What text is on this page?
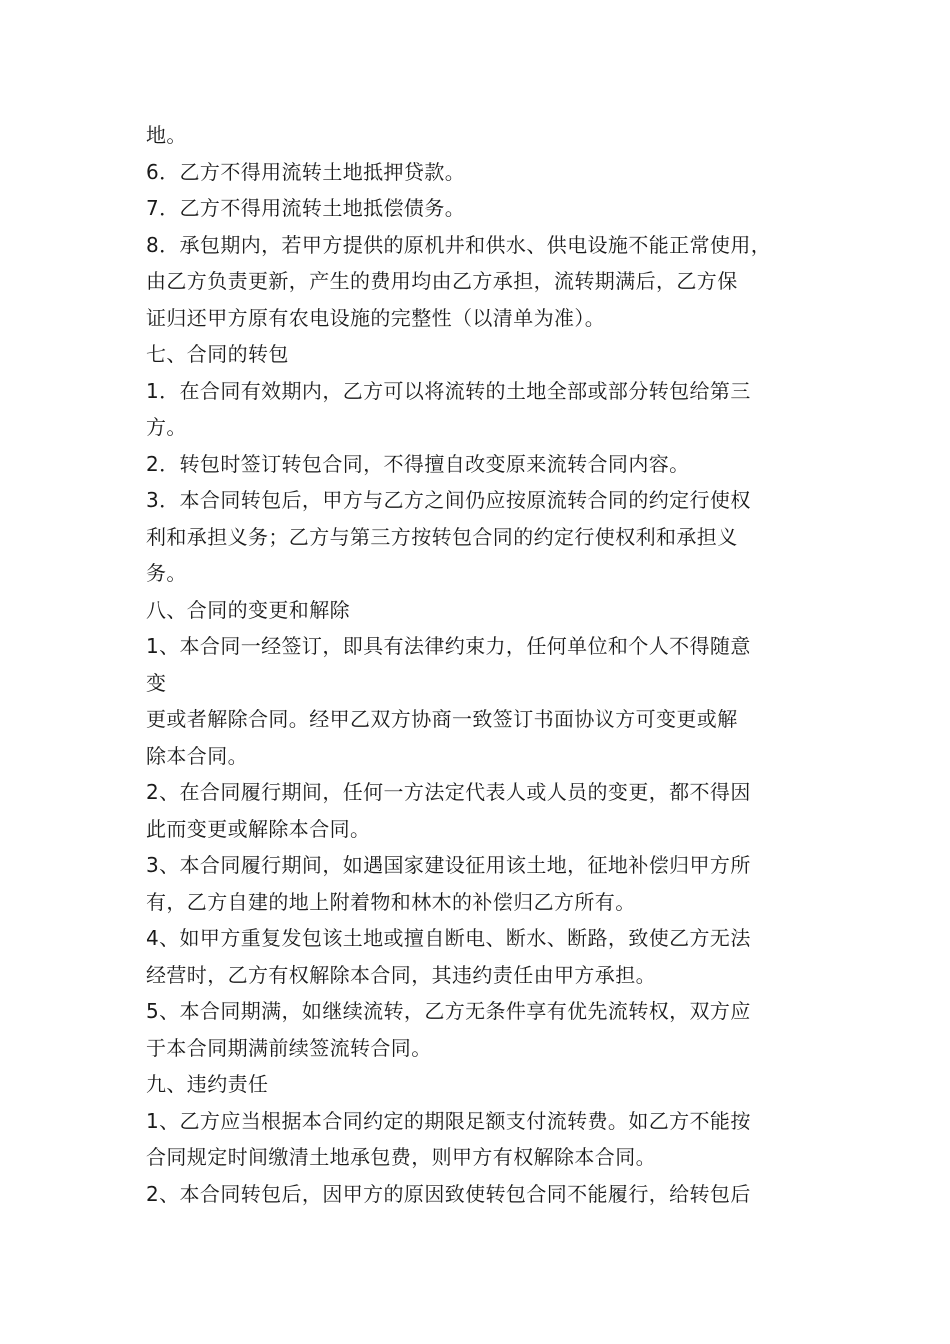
地。
6．乙方不得用流转土地抵押贷款。
7．乙方不得用流转土地抵偿债务。
8．承包期内，若甲方提供的原机井和供水、供电设施不能正常使用，
由乙方负责更新，产生的费用均由乙方承担，流转期满后，乙方保
证归还甲方原有农电设施的完整性（以清单为准）。
七、合同的转包
1．在合同有效期内，乙方可以将流转的土地全部或部分转包给第三
方。
2．转包时签订转包合同，不得擅自改变原来流转合同内容。
3．本合同转包后，甲方与乙方之间仍应按原流转合同的约定行使权
利和承担义务；乙方与第三方按转包合同的约定行使权利和承担义
务。
八、合同的变更和解除
1、本合同一经签订，即具有法律约束力，任何单位和个人不得随意
变
更或者解除合同。经甲乙双方协商一致签订书面协议方可变更或解
除本合同。
2、在合同履行期间，任何一方法定代表人或人员的变更，都不得因
此而变更或解除本合同。
3、本合同履行期间，如遇国家建设征用该土地，征地补偿归甲方所
有，乙方自建的地上附着物和林木的补偿归乙方所有。
4、如甲方重复发包该土地或擅自断电、断水、断路，致使乙方无法
经营时，乙方有权解除本合同，其违约责任由甲方承担。
5、本合同期满，如继续流转，乙方无条件享有优先流转权，双方应
于本合同期满前续签流转合同。
九、违约责任
1、乙方应当根据本合同约定的期限足额支付流转费。如乙方不能按
合同规定时间缴清土地承包费，则甲方有权解除本合同。
2、本合同转包后，因甲方的原因致使转包合同不能履行，给转包后
